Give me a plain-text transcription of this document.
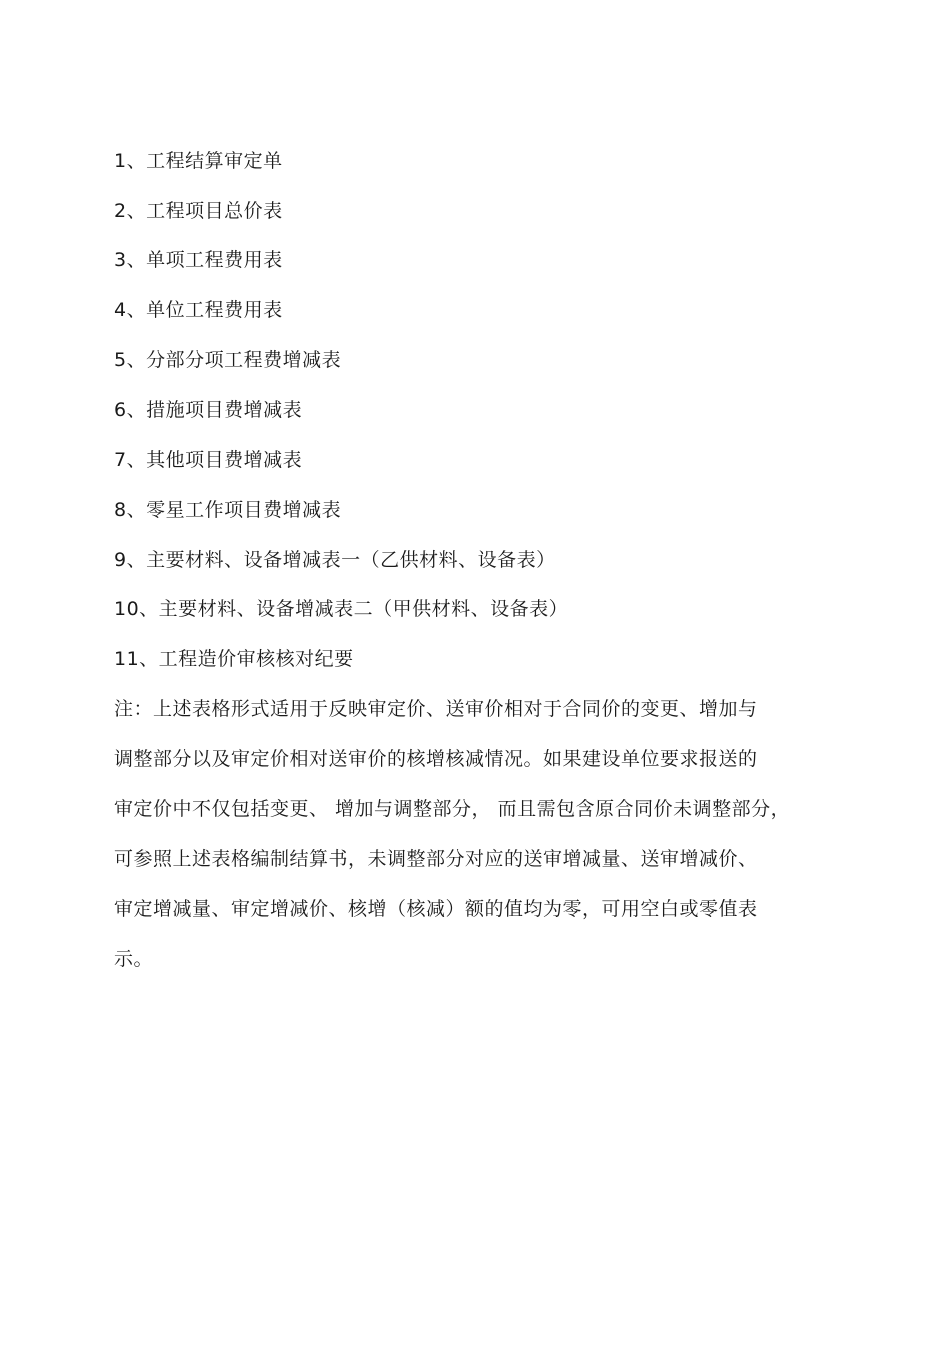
1、工程结算审定单
2、工程项目总价表
3、单项工程费用表
4、单位工程费用表
5、分部分项工程费增减表
6、措施项目费增减表
7、其他项目费增减表
8、零星工作项目费增减表
9、主要材料、设备增减表一（乙供材料、设备表）
10、主要材料、设备增减表二（甲供材料、设备表）
11、工程造价审核核对纪要
注：上述表格形式适用于反映审定价、送审价相对于合同价的变更、增加与
调整部分以及审定价相对送审价的核增核减情况。如果建设单位要求报送的
审定价中不仅包括变更、 增加与调整部分， 而且需包含原合同价未调整部分，
可参照上述表格编制结算书，未调整部分对应的送审增减量、送审增减价、
审定增减量、审定增减价、核增（核减）额的值均为零，可用空白或零值表
示。
